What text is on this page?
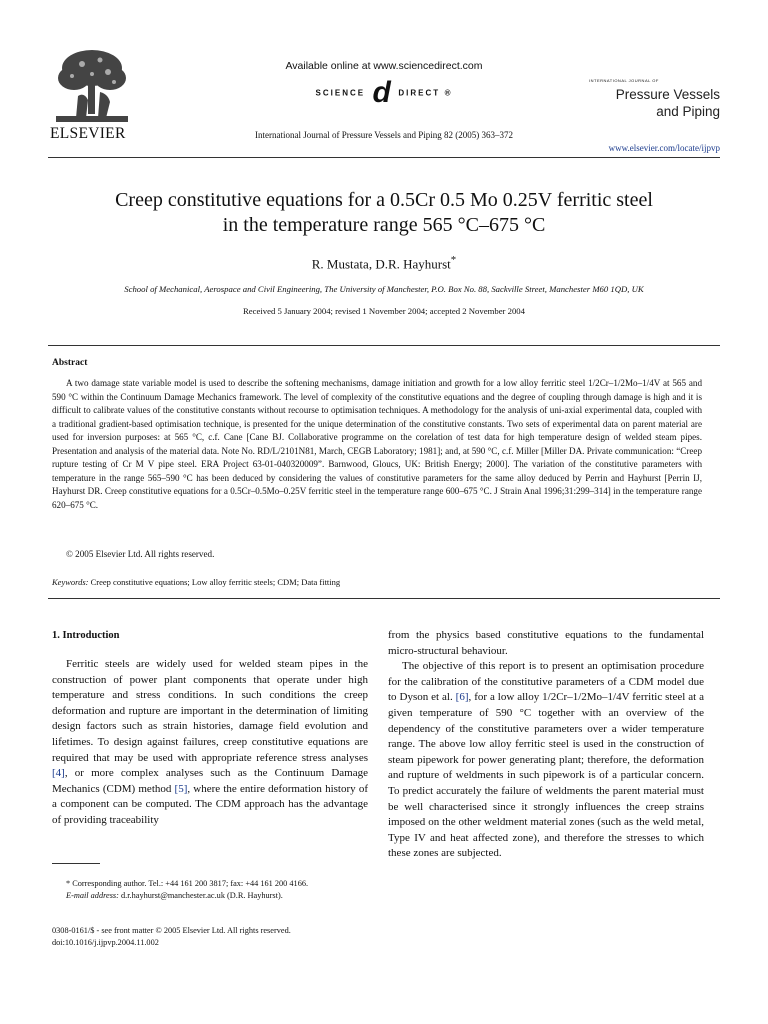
ELSEVIER
Available online at www.sciencedirect.com
SCIENCE d DIRECT ®
International Journal of Pressure Vessels and Piping 82 (2005) 363–372
INTERNATIONAL JOURNAL OF
Pressure Vessels
and Piping
www.elsevier.com/locate/ijpvp
Creep constitutive equations for a 0.5Cr 0.5 Mo 0.25V ferritic steel
in the temperature range 565 °C–675 °C
R. Mustata, D.R. Hayhurst*
School of Mechanical, Aerospace and Civil Engineering, The University of Manchester, P.O. Box No. 88, Sackville Street, Manchester M60 1QD, UK
Received 5 January 2004; revised 1 November 2004; accepted 2 November 2004
Abstract
A two damage state variable model is used to describe the softening mechanisms, damage initiation and growth for a low alloy ferritic steel 1/2Cr–1/2Mo–1/4V at 565 and 590 °C within the Continuum Damage Mechanics framework. The level of complexity of the constitutive equations and the degree of coupling through damage is high and it is difficult to calibrate values of the constitutive constants without recourse to optimisation techniques. A methodology for the analysis of uni-axial experimental data, coupled with a traditional gradient-based optimisation technique, is presented for the unique determination of the constitutive constants. Two sets of experimental data on parent material are used for inversion purposes: at 565 °C, c.f. Cane [Cane BJ. Collaborative programme on the corelation of test data for high temperature design of welded steam pipes. Presentation and analysis of the material data. Note No. RD/L/2101N81, March, CEGB Laboratory; 1981]; and, at 590 °C, c.f. Miller [Miller DA. Private communication: “Creep rupture testing of Cr M V pipe steel. ERA Project 63-01-040320009”. Barnwood, Gloucs, UK: British Energy; 2000]. The variation of the constitutive parameters with temperature in the range 565–590 °C has been deduced by considering the values of constitutive parameters for the same alloy deduced by Perrin and Hayhurst [Perrin IJ, Hayhurst DR. Creep constitutive equations for a 0.5Cr–0.5Mo–0.25V ferritic steel in the temperature range 600–675 °C. J Strain Anal 1996;31:299–314] in the temperature range 620–675 °C.
© 2005 Elsevier Ltd. All rights reserved.
Keywords: Creep constitutive equations; Low alloy ferritic steels; CDM; Data fitting
1. Introduction

Ferritic steels are widely used for welded steam pipes in the construction of power plant components that operate under high temperature and stress conditions. In such conditions the creep deformation and rupture are important in the determination of limiting design factors such as strain histories, damage field evolution and lifetimes. To design against failures, creep constitutive equations are required that may be used with appropriate reference stress analyses [4], or more complex analyses such as the Continuum Damage Mechanics (CDM) method [5], where the entire deformation history of a component can be computed. The CDM approach has the advantage of providing traceability

from the physics based constitutive equations to the fundamental micro-structural behaviour.

The objective of this report is to present an optimisation procedure for the calibration of the constitutive parameters of a CDM model due to Dyson et al. [6], for a low alloy 1/2Cr–1/2Mo–1/4V ferritic steel at a given temperature of 590 °C together with an overview of the dependency of the constitutive parameters over a wider temperature range. The above low alloy ferritic steel is used in the construction of steam pipework for power generating plant; therefore, the deformation and rupture of weldments in such pipework is of a particular concern. To predict accurately the failure of weldments the parent material must be well characterised since it strongly influences the creep strains imposed on the other weldment material zones (such as the weld metal, Type IV and heat affected zone), and therefore the stresses to which these zones are subjected.

* Corresponding author. Tel.: +44 161 200 3817; fax: +44 161 200 4166.
E-mail address: d.r.hayhurst@manchester.ac.uk (D.R. Hayhurst).
0308-0161/$ - see front matter © 2005 Elsevier Ltd. All rights reserved.
doi:10.1016/j.ijpvp.2004.11.002
